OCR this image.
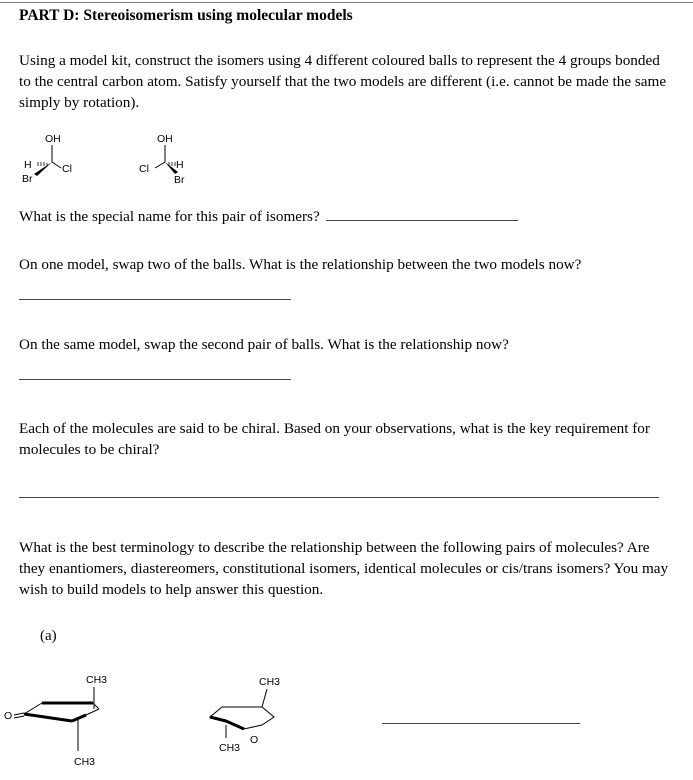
PART D: Stereoisomerism using molecular models
Using a model kit, construct the isomers using 4 different coloured balls to represent the 4 groups bonded to the central carbon atom. Satisfy yourself that the two models are different (i.e. cannot be made the same simply by rotation).
OH
H	Cl
Br
OH
Cl	H
Br
What is the special name for this pair of isomers?
On one model, swap two of the balls. What is the relationship between the two models now?
On the same model, swap the second pair of balls. What is the relationship now?
Each of the molecules are said to be chiral. Based on your observations, what is the key requirement for molecules to be chiral?
What is the best terminology to describe the relationship between the following pairs of molecules? Are they enantiomers, diastereomers, constitutional isomers, identical molecules or cis/trans isomers? You may wish to build models to help answer this question.
(a)
CH3
O
CH3
CH3
O
CH3
